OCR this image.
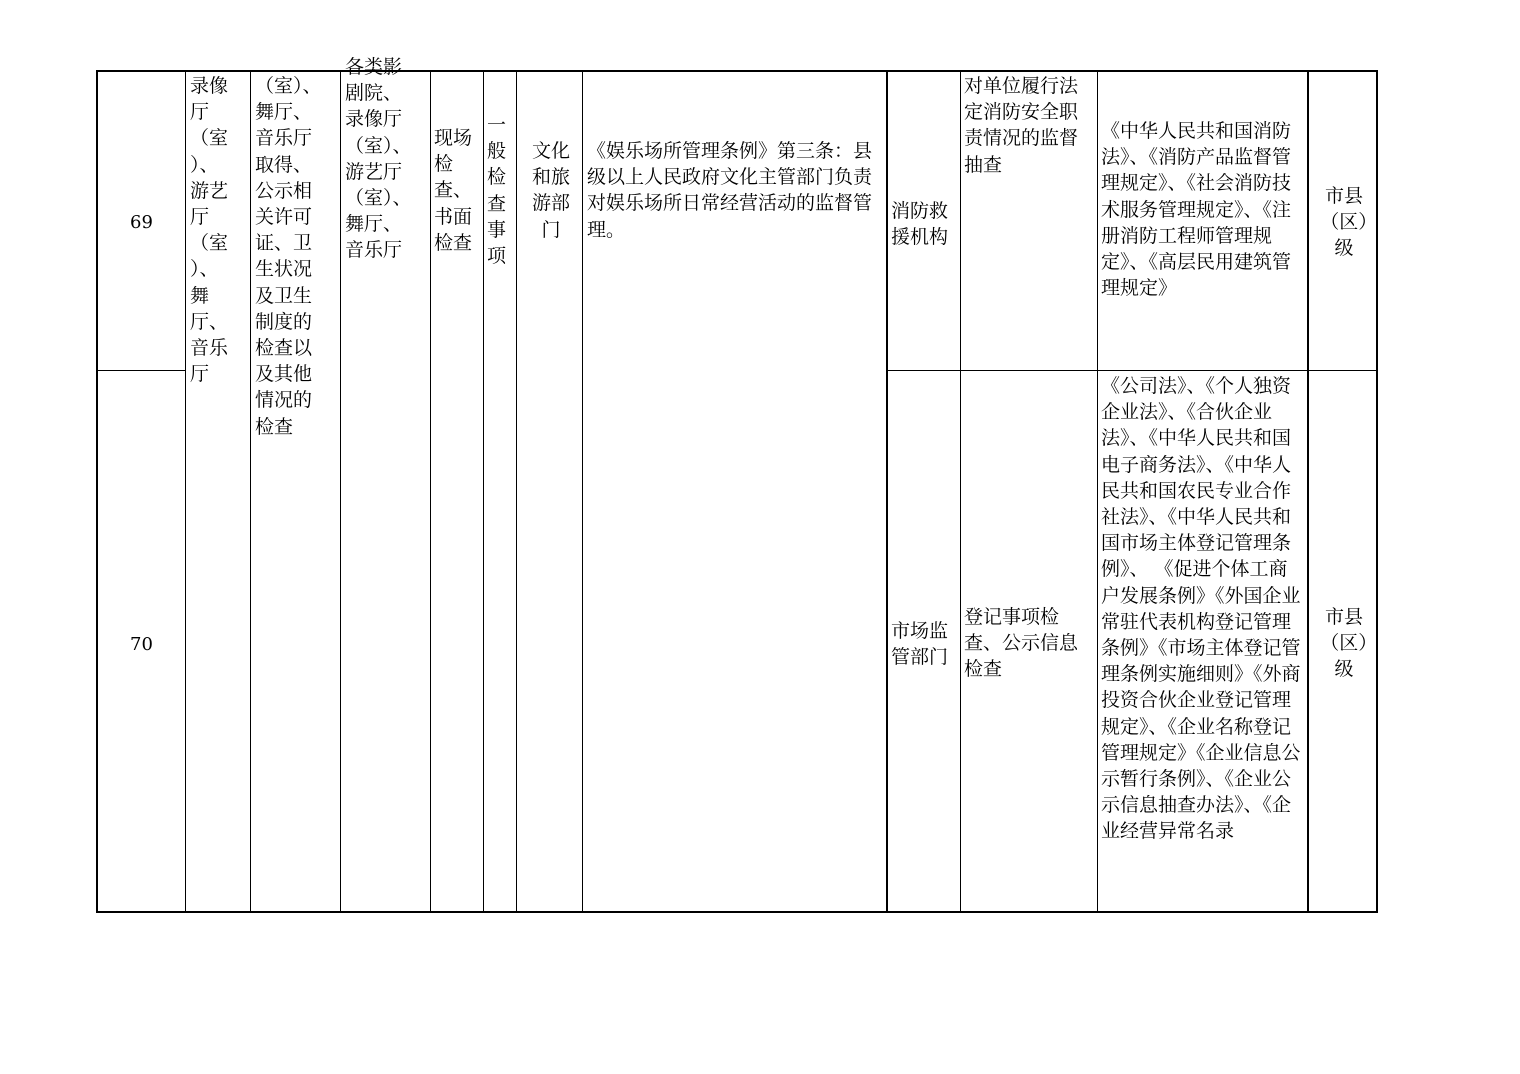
69
消防救援机构
对单位履行法定消防安全职责情况的监督抽查
《中华人民共和国消防法》、《消防产品监督管理规定》、《社会消防技术服务管理规定》、《注册消防工程师管理规定》、《高层民用建筑管理规定》
市县（区）级
70
市场监管部门
登记事项检查、公示信息检查
《公司法》、《个人独资企业法》、《合伙企业法》、《中华人民共和国电子商务法》、《中华人民共和国农民专业合作社法》、《中华人民共和国市场主体登记管理条例》、 《促进个体工商户发展条例》《外国企业常驻代表机构登记管理条例》《市场主体登记管理条例实施细则》《外商投资合伙企业登记管理规定》、《企业名称登记管理规定》《企业信息公示暂行条例》、《企业公示信息抽查办法》、《企业经营异常名录
市县（区）级
录像厅（室）、游艺厅（室）、舞厅、音乐厅
（室）、舞厅、音乐厅取得、公示相关许可证、卫生状况及卫生制度的检查以及其他情况的检查
各类影剧院、录像厅（室）、游艺厅（室）、舞厅、音乐厅
现场检查、书面检查
一般检查事项
文化和旅游部门
《娱乐场所管理条例》第三条：县级以上人民政府文化主管部门负责对娱乐场所日常经营活动的监督管理。
